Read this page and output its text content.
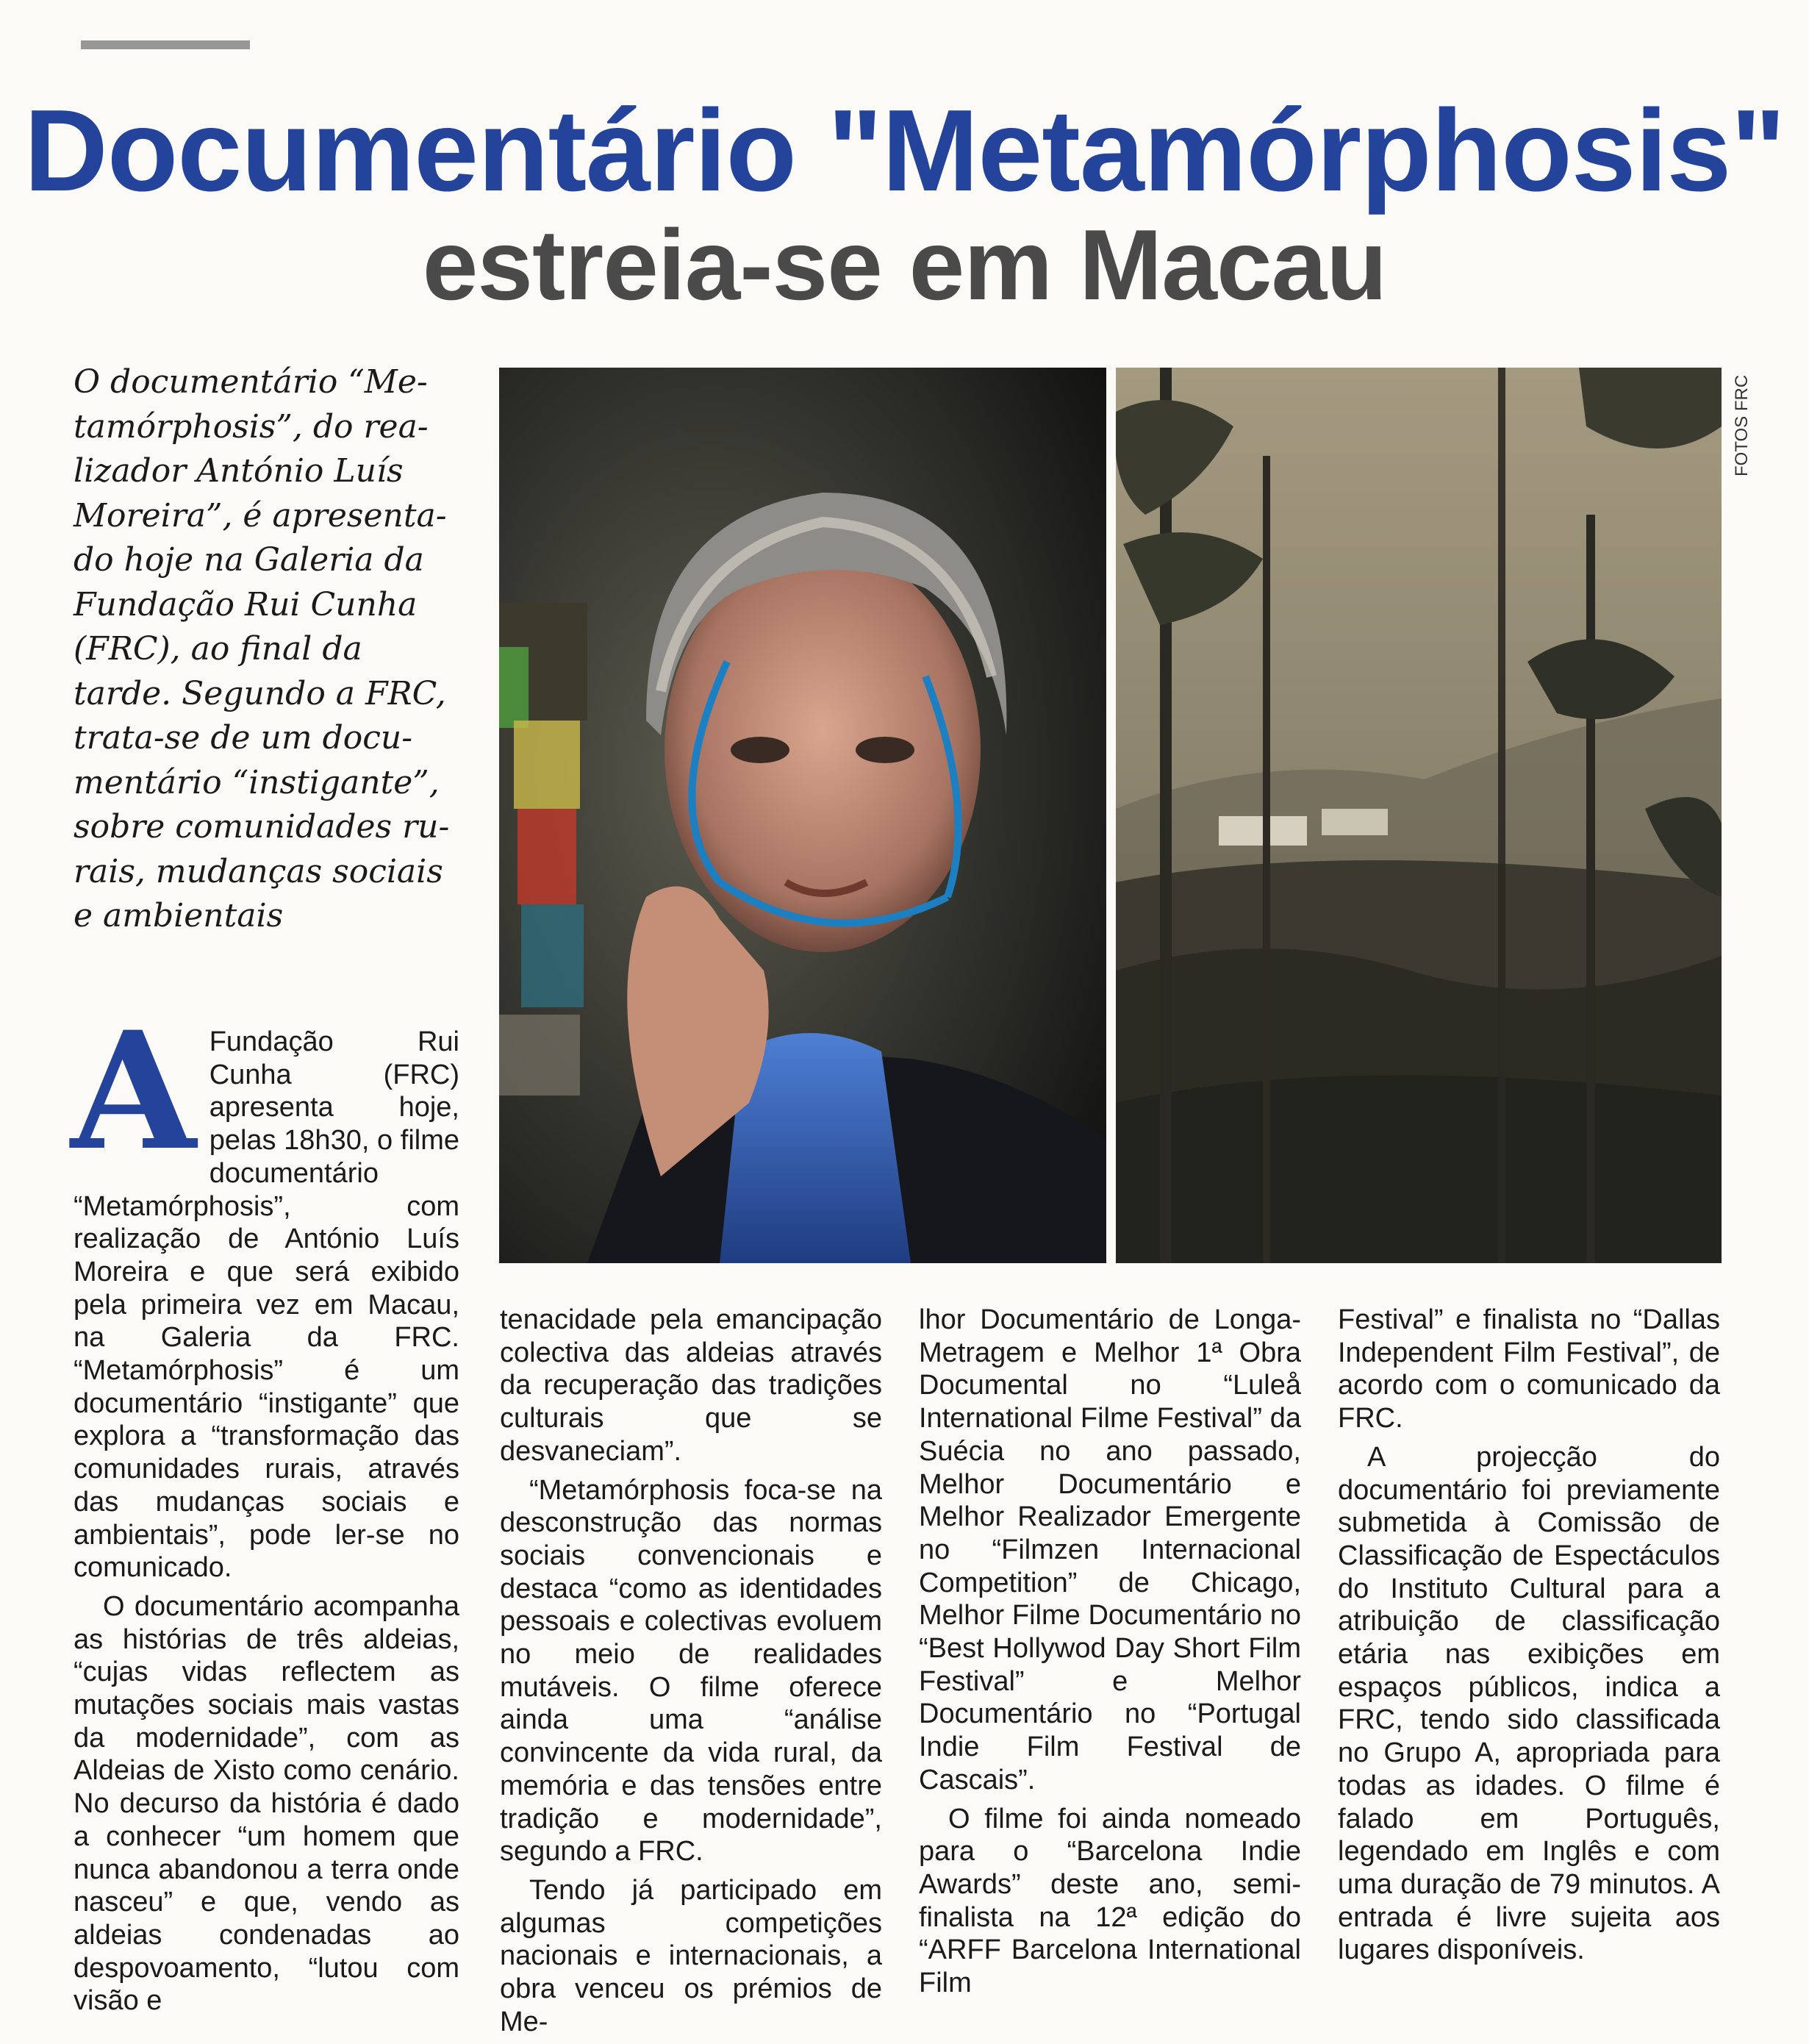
Documentário "Metamórphosis"
estreia-se em Macau

O documentário “Me-tamórphosis”, do rea-lizador António Luís Moreira”, é apresenta-do hoje na Galeria da Fundação Rui Cunha (FRC), ao final da tarde. Segundo a FRC, trata-se de um docu-mentário “instigante”, sobre comunidades ru-rais, mudanças sociais e ambientais

FOTOS FRC

A Fundação Rui Cunha (FRC) apresenta hoje, pelas 18h30, o filme documentário “Metamórphosis”, com realização de António Luís Moreira e que será exibido pela primeira vez em Macau, na Galeria da FRC. “Metamórphosis” é um documentário “instigante” que explora a “transformação das comunidades rurais, através das mudanças sociais e ambientais”, pode ler-se no comunicado.

O documentário acompanha as histórias de três aldeias, “cujas vidas reflectem as mutações sociais mais vastas da modernidade”, com as Aldeias de Xisto como cenário. No decurso da história é dado a conhecer “um homem que nunca abandonou a terra onde nasceu” e que, vendo as aldeias condenadas ao despovoamento, “lutou com visão e

tenacidade pela emancipação colectiva das aldeias através da recuperação das tradições culturais que se desvaneciam”.

“Metamórphosis foca-se na desconstrução das normas sociais convencionais e destaca “como as identidades pessoais e colectivas evoluem no meio de realidades mutáveis. O filme oferece ainda uma “análise convincente da vida rural, da memória e das tensões entre tradição e modernidade”, segundo a FRC.

Tendo já participado em algumas competições nacionais e internacionais, a obra venceu os prémios de Me-

lhor Documentário de Longa-Metragem e Melhor 1ª Obra Documental no “Luleå International Filme Festival” da Suécia no ano passado, Melhor Documentário e Melhor Realizador Emergente no “Filmzen Internacional Competition” de Chicago, Melhor Filme Documentário no “Best Hollywod Day Short Film Festival” e Melhor Documentário no “Portugal Indie Film Festival de Cascais”.

O filme foi ainda nomeado para o “Barcelona Indie Awards” deste ano, semi-finalista na 12ª edição do “ARFF Barcelona International Film

Festival” e finalista no “Dallas Independent Film Festival”, de acordo com o comunicado da FRC.

A projecção do documentário foi previamente submetida à Comissão de Classificação de Espectáculos do Instituto Cultural para a atribuição de classificação etária nas exibições em espaços públicos, indica a FRC, tendo sido classificada no Grupo A, apropriada para todas as idades. O filme é falado em Português, legendado em Inglês e com uma duração de 79 minutos. A entrada é livre sujeita aos lugares disponíveis.
